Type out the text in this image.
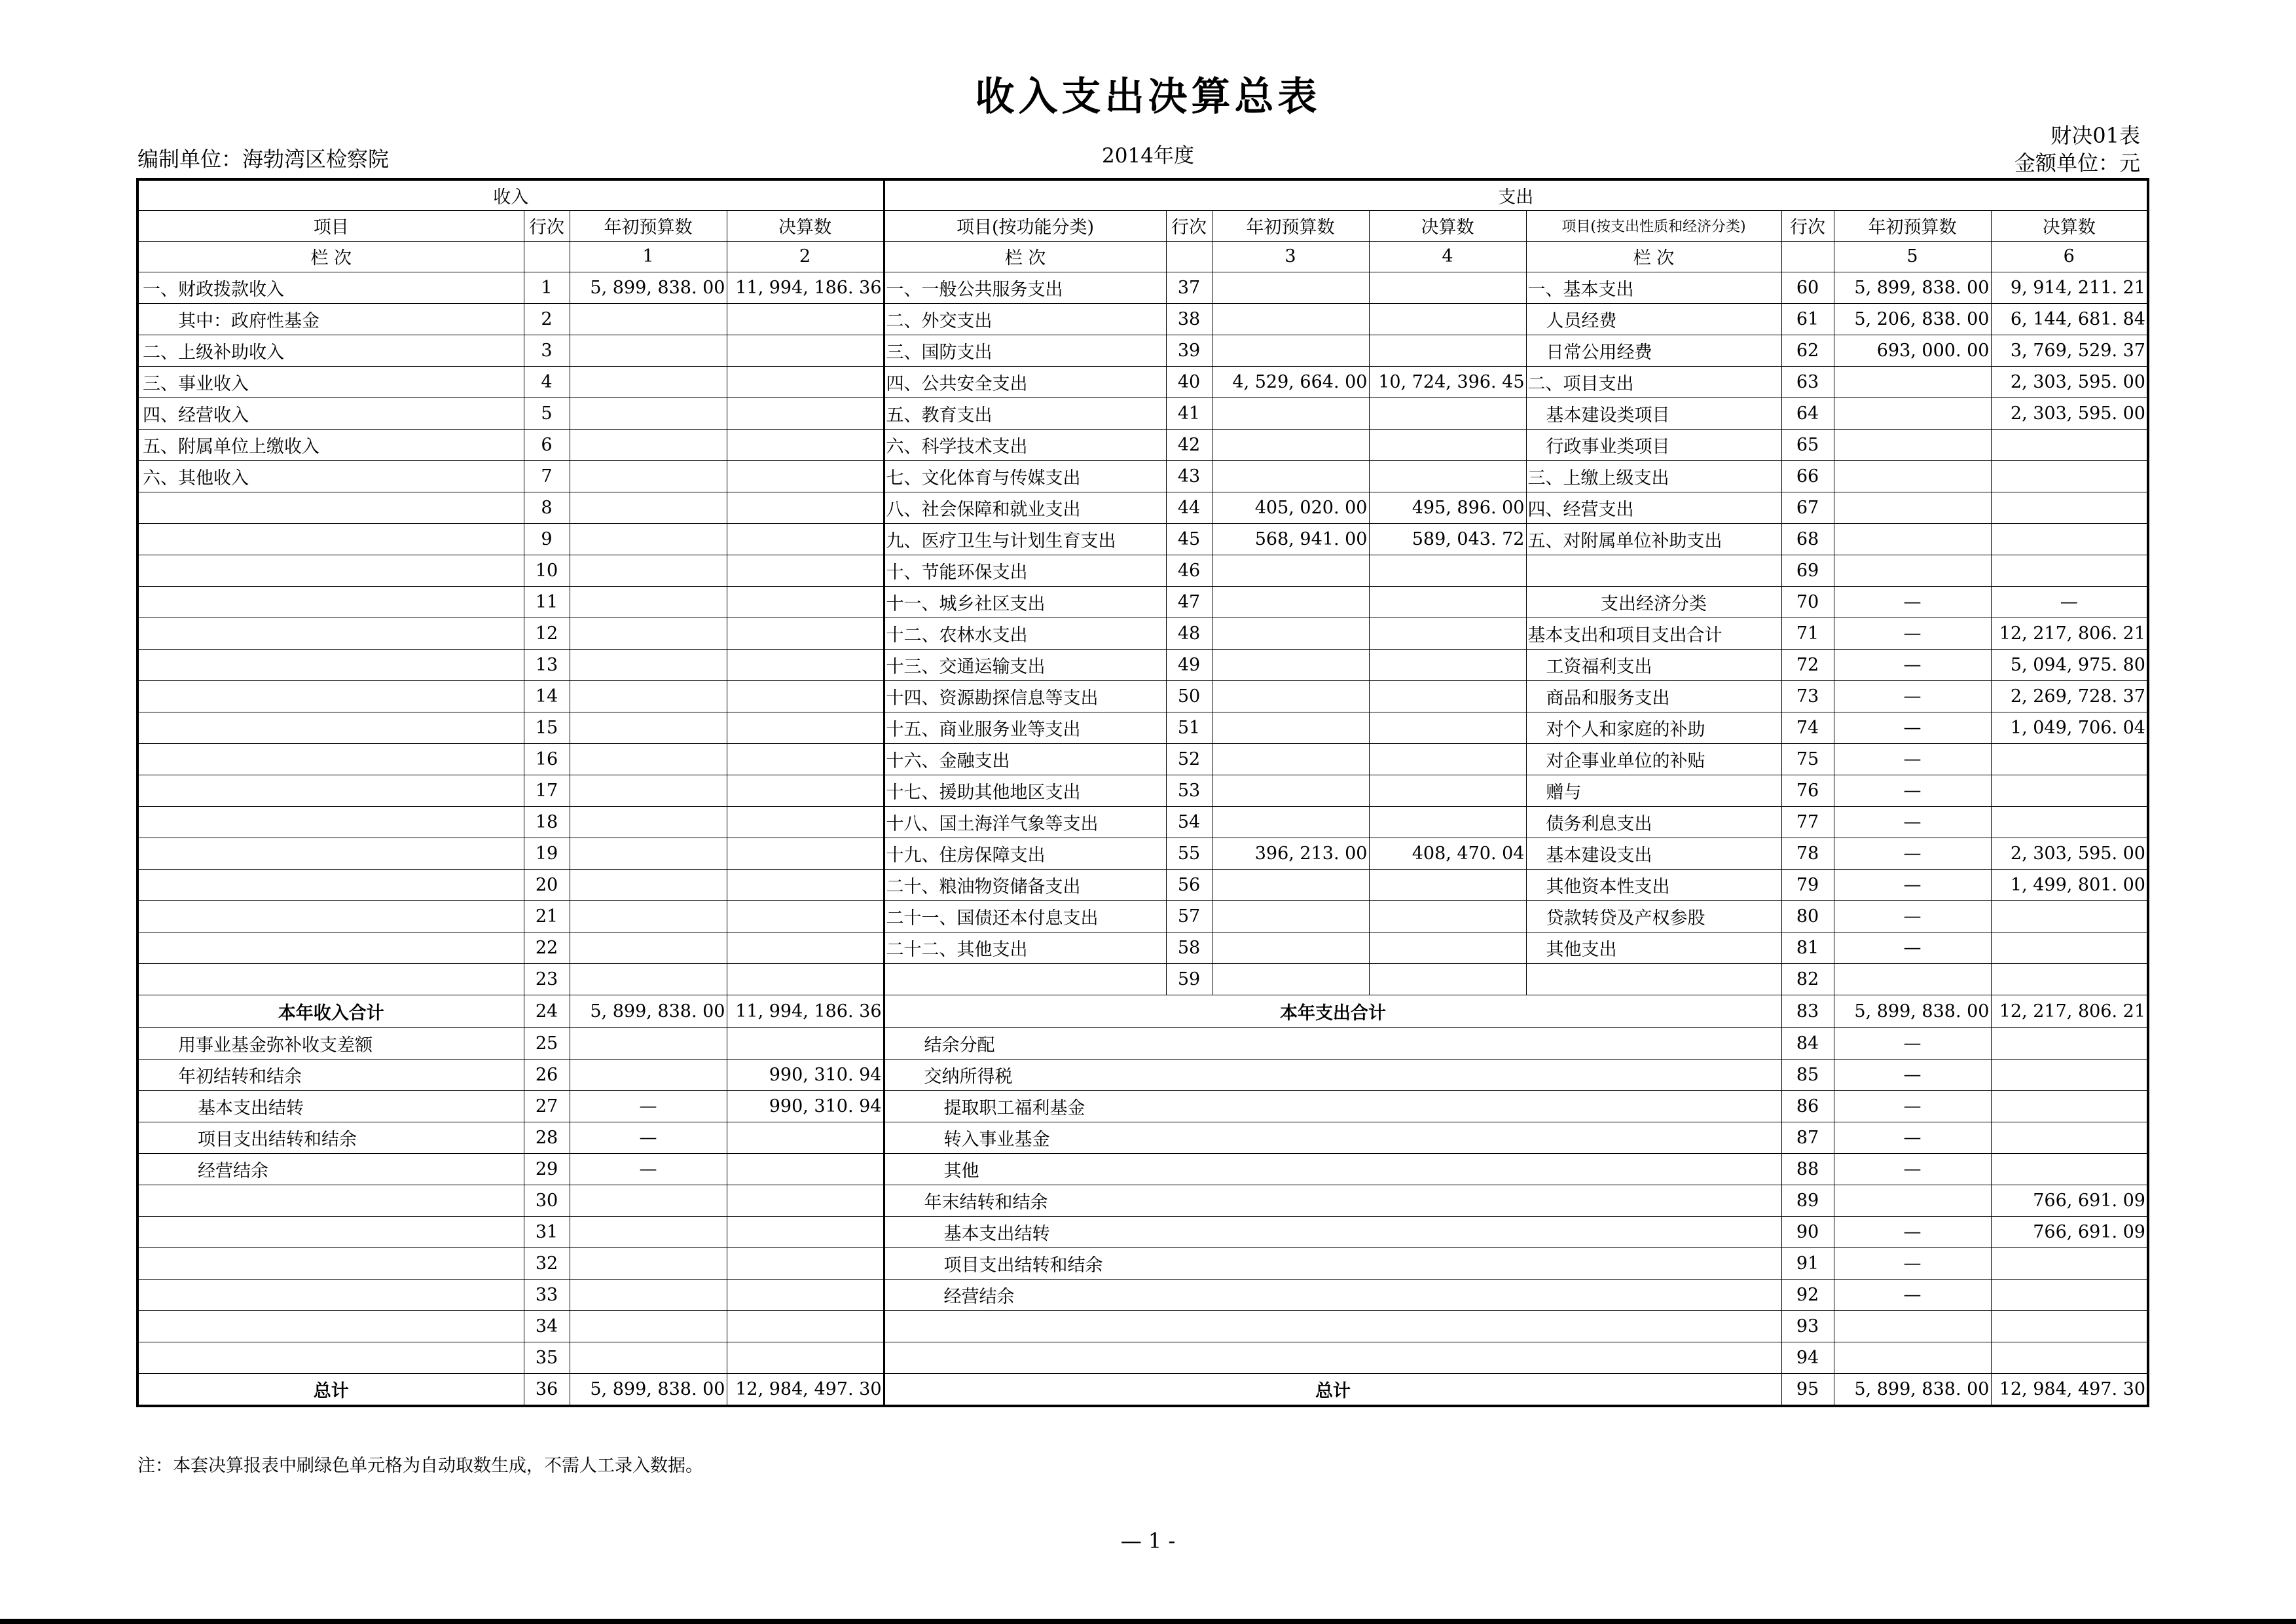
收入支出决算总表
编制单位：海勃湾区检察院	2014年度
财决01表
金额单位：元
收入				支出							
项目	行次	年初预算数	决算数	项目(按功能分类)	行次	年初预算数	决算数	项目(按支出性质和经济分类)	行次	年初预算数	决算数
栏 次		1	2	栏 次		3	4	栏 次		5	6
一、财政拨款收入	1	5, 899, 838. 00	11, 994, 186. 36	一、一般公共服务支出	37			一、基本支出	60	5, 899, 838. 00	9, 914, 211. 21
其中：政府性基金	2			二、外交支出	38			人员经费	61	5, 206, 838. 00	6, 144, 681. 84
二、上级补助收入	3			三、国防支出	39			日常公用经费	62	693, 000. 00	3, 769, 529. 37
三、事业收入	4			四、公共安全支出	40	4, 529, 664. 00	10, 724, 396. 45	二、项目支出	63		2, 303, 595. 00
四、经营收入	5			五、教育支出	41			基本建设类项目	64		2, 303, 595. 00
五、附属单位上缴收入	6			六、科学技术支出	42			行政事业类项目	65		
六、其他收入	7			七、文化体育与传媒支出	43			三、上缴上级支出	66		
	8			八、社会保障和就业支出	44	405, 020. 00	495, 896. 00	四、经营支出	67		
	9			九、医疗卫生与计划生育支出	45	568, 941. 00	589, 043. 72	五、对附属单位补助支出	68		
	10			十、节能环保支出	46				69		
	11			十一、城乡社区支出	47			支出经济分类	70	—	—
	12			十二、农林水支出	48			基本支出和项目支出合计	71	—	12, 217, 806. 21
	13			十三、交通运输支出	49			工资福利支出	72	—	5, 094, 975. 80
	14			十四、资源勘探信息等支出	50			商品和服务支出	73	—	2, 269, 728. 37
	15			十五、商业服务业等支出	51			对个人和家庭的补助	74	—	1, 049, 706. 04
	16			十六、金融支出	52			对企事业单位的补贴	75	—	
	17			十七、援助其他地区支出	53			赠与	76	—	
	18			十八、国土海洋气象等支出	54			债务利息支出	77	—	
	19			十九、住房保障支出	55	396, 213. 00	408, 470. 04	基本建设支出	78	—	2, 303, 595. 00
	20			二十、粮油物资储备支出	56			其他资本性支出	79	—	1, 499, 801. 00
	21			二十一、国债还本付息支出	57			贷款转贷及产权参股	80	—	
	22			二十二、其他支出	58			其他支出	81	—	
	23				59				82		
本年收入合计	24	5, 899, 838. 00	11, 994, 186. 36	本年支出合计					83	5, 899, 838. 00	12, 217, 806. 21
用事业基金弥补收支差额	25			结余分配					84	—	
年初结转和结余	26		990, 310. 94	交纳所得税					85	—	
基本支出结转	27	—	990, 310. 94	提取职工福利基金					86	—	
项目支出结转和结余	28	—		转入事业基金					87	—	
经营结余	29	—		其他					88	—	
	30			年末结转和结余					89		766, 691. 09
	31			基本支出结转					90	—	766, 691. 09
	32			项目支出结转和结余					91	—	
	33			经营结余					92	—	
	34								93		
	35								94		
总计	36	5, 899, 838. 00	12, 984, 497. 30	总计					95	5, 899, 838. 00	12, 984, 497. 30
注：本套决算报表中刷绿色单元格为自动取数生成，不需人工录入数据。
— 1 -
